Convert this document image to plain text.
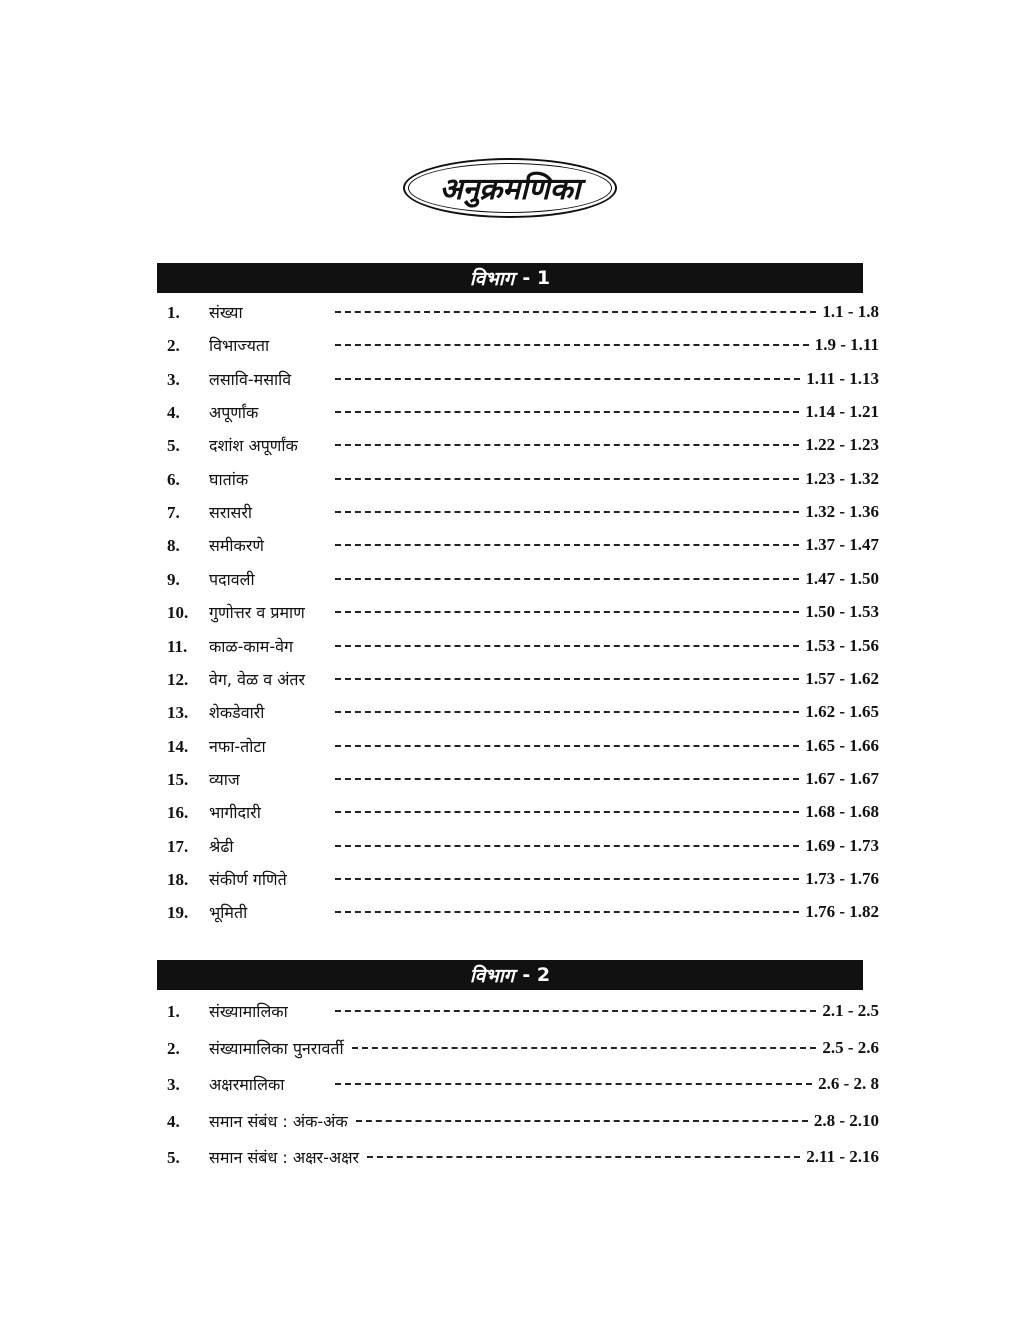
अनुक्रमणिका
विभाग - 1
1.	संख्या	1.1 - 1.8
2.	विभाज्यता	1.9 - 1.11
3.	लसावि-मसावि	1.11 - 1.13
4.	अपूर्णांक	1.14 - 1.21
5.	दशांश अपूर्णांक	1.22 - 1.23
6.	घातांक	1.23 - 1.32
7.	सरासरी	1.32 - 1.36
8.	समीकरणे	1.37 - 1.47
9.	पदावली	1.47 - 1.50
10.	गुणोत्तर व प्रमाण	1.50 - 1.53
11.	काळ-काम-वेग	1.53 - 1.56
12.	वेग, वेळ व अंतर	1.57 - 1.62
13.	शेकडेवारी	1.62 - 1.65
14.	नफा-तोटा	1.65 - 1.66
15.	व्याज	1.67 - 1.67
16.	भागीदारी	1.68 - 1.68
17.	श्रेढी	1.69 - 1.73
18.	संकीर्ण गणिते	1.73 - 1.76
19.	भूमिती	1.76 - 1.82
विभाग - 2
1.	संख्यामालिका	2.1 - 2.5
2.	संख्यामालिका पुनरावर्ती	2.5 - 2.6
3.	अक्षरमालिका	2.6 - 2. 8
4.	समान संबंध : अंक-अंक	2.8 - 2.10
5.	समान संबंध : अक्षर-अक्षर	2.11 - 2.16
